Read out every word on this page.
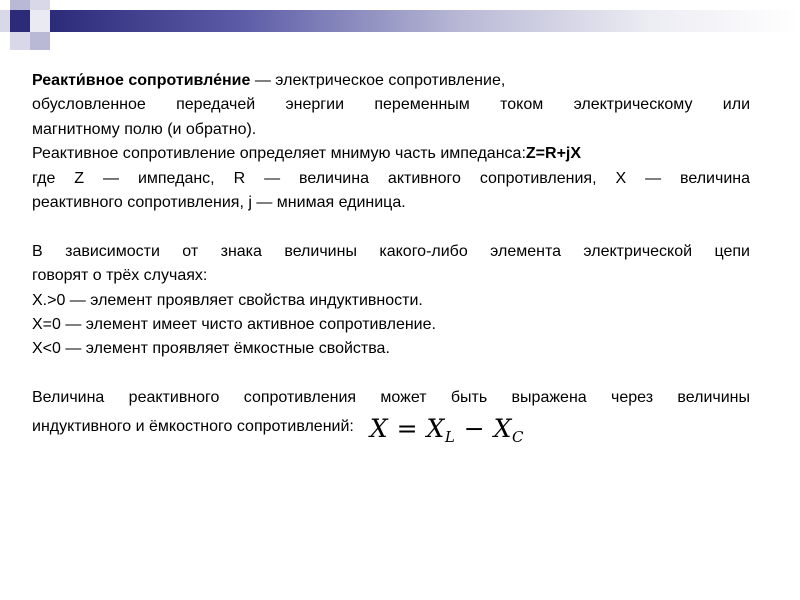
Реакти́вное сопротивле́ние — электрическое сопротивление,
обусловленное передачей энергии переменным током электрическому или
магнитному полю (и обратно).
Реактивное сопротивление определяет мнимую часть импеданса:Z=R+jX
где Z — импеданс, R — величина активного сопротивления, X — величина
реактивного сопротивления, j — мнимая единица.
В зависимости от знака величины какого-либо элемента электрической цепи
говорят о трёх случаях:
X.>0 — элемент проявляет свойства индуктивности.
X=0 — элемент имеет чисто активное сопротивление.
X<0 — элемент проявляет ёмкостные свойства.
Величина реактивного сопротивления может быть выражена через величины
индуктивного и ёмкостного сопротивлений: $X = X_L - X_C$
